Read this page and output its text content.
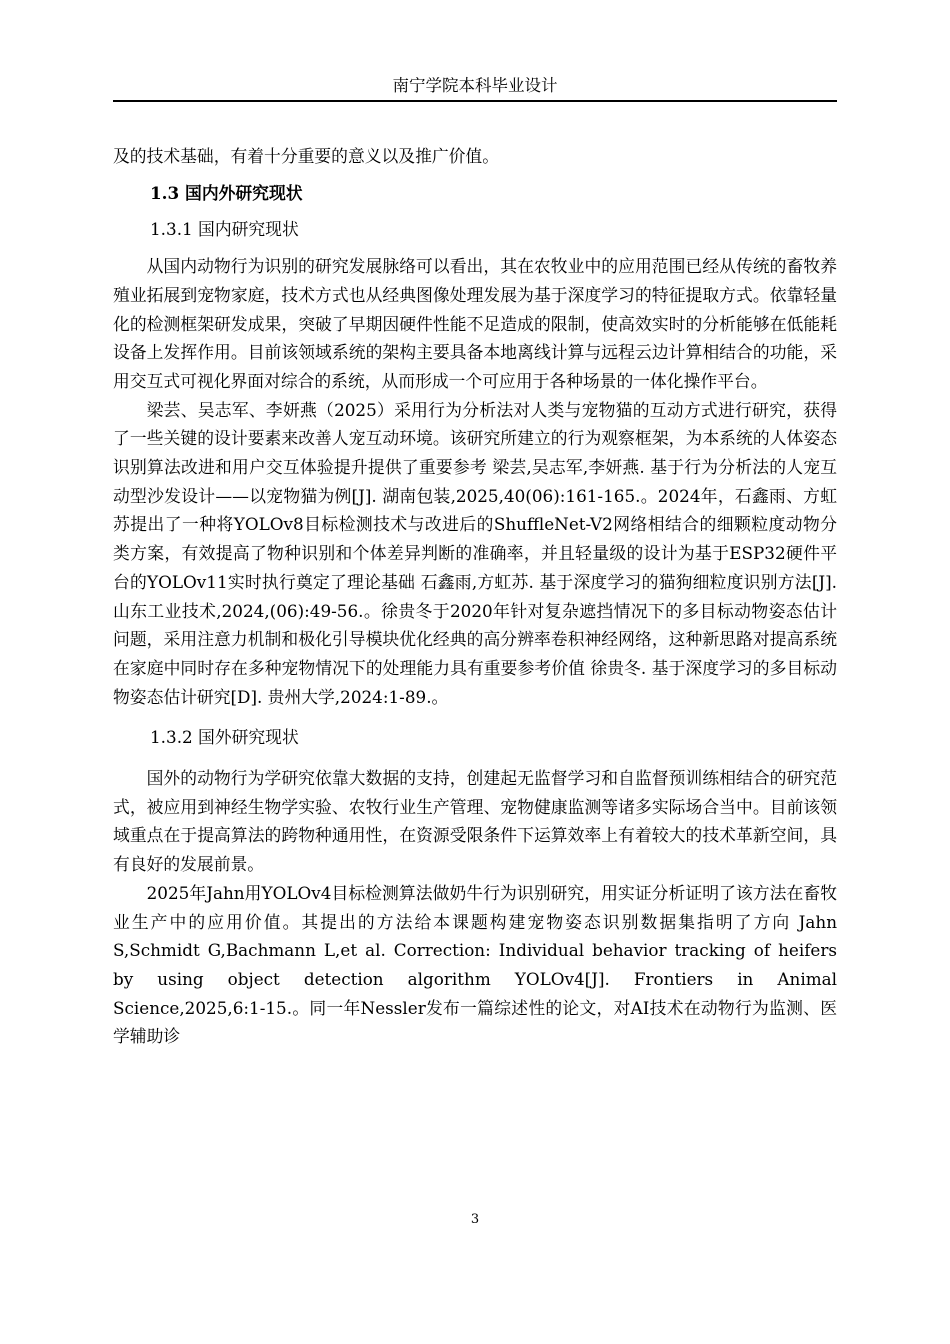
南宁学院本科毕业设计

及的技术基础，有着十分重要的意义以及推广价值。

1.3 国内外研究现状

1.3.1 国内研究现状

从国内动物行为识别的研究发展脉络可以看出，其在农牧业中的应用范围已经从传统的畜牧养殖业拓展到宠物家庭，技术方式也从经典图像处理发展为基于深度学习的特征提取方式。依靠轻量化的检测框架研发成果，突破了早期因硬件性能不足造成的限制，使高效实时的分析能够在低能耗设备上发挥作用。目前该领域系统的架构主要具备本地离线计算与远程云边计算相结合的功能，采用交互式可视化界面对综合的系统，从而形成一个可应用于各种场景的一体化操作平台。

梁芸、吴志军、李妍燕（2025）采用行为分析法对人类与宠物猫的互动方式进行研究，获得了一些关键的设计要素来改善人宠互动环境。该研究所建立的行为观察框架，为本系统的人体姿态识别算法改进和用户交互体验提升提供了重要参考 梁芸,吴志军,李妍燕. 基于行为分析法的人宠互动型沙发设计——以宠物猫为例[J]. 湖南包装,2025,40(06):161-165.。2024年，石鑫雨、方虹苏提出了一种将YOLOv8目标检测技术与改进后的ShuffleNet-V2网络相结合的细颗粒度动物分类方案，有效提高了物种识别和个体差异判断的准确率，并且轻量级的设计为基于ESP32硬件平台的YOLOv11实时执行奠定了理论基础 石鑫雨,方虹苏. 基于深度学习的猫狗细粒度识别方法[J]. 山东工业技术,2024,(06):49-56.。徐贵冬于2020年针对复杂遮挡情况下的多目标动物姿态估计问题，采用注意力机制和极化引导模块优化经典的高分辨率卷积神经网络，这种新思路对提高系统在家庭中同时存在多种宠物情况下的处理能力具有重要参考价值 徐贵冬. 基于深度学习的多目标动物姿态估计研究[D]. 贵州大学,2024:1-89.。

1.3.2 国外研究现状

国外的动物行为学研究依靠大数据的支持，创建起无监督学习和自监督预训练相结合的研究范式，被应用到神经生物学实验、农牧行业生产管理、宠物健康监测等诸多实际场合当中。目前该领域重点在于提高算法的跨物种通用性，在资源受限条件下运算效率上有着较大的技术革新空间，具有良好的发展前景。

2025年Jahn用YOLOv4目标检测算法做奶牛行为识别研究，用实证分析证明了该方法在畜牧业生产中的应用价值。其提出的方法给本课题构建宠物姿态识别数据集指明了方向 Jahn S,Schmidt G,Bachmann L,et al. Correction: Individual behavior tracking of heifers by using object detection algorithm YOLOv4[J]. Frontiers in Animal Science,2025,6:1-15.。同一年Nessler发布一篇综述性的论文，对AI技术在动物行为监测、医学辅助诊

3
